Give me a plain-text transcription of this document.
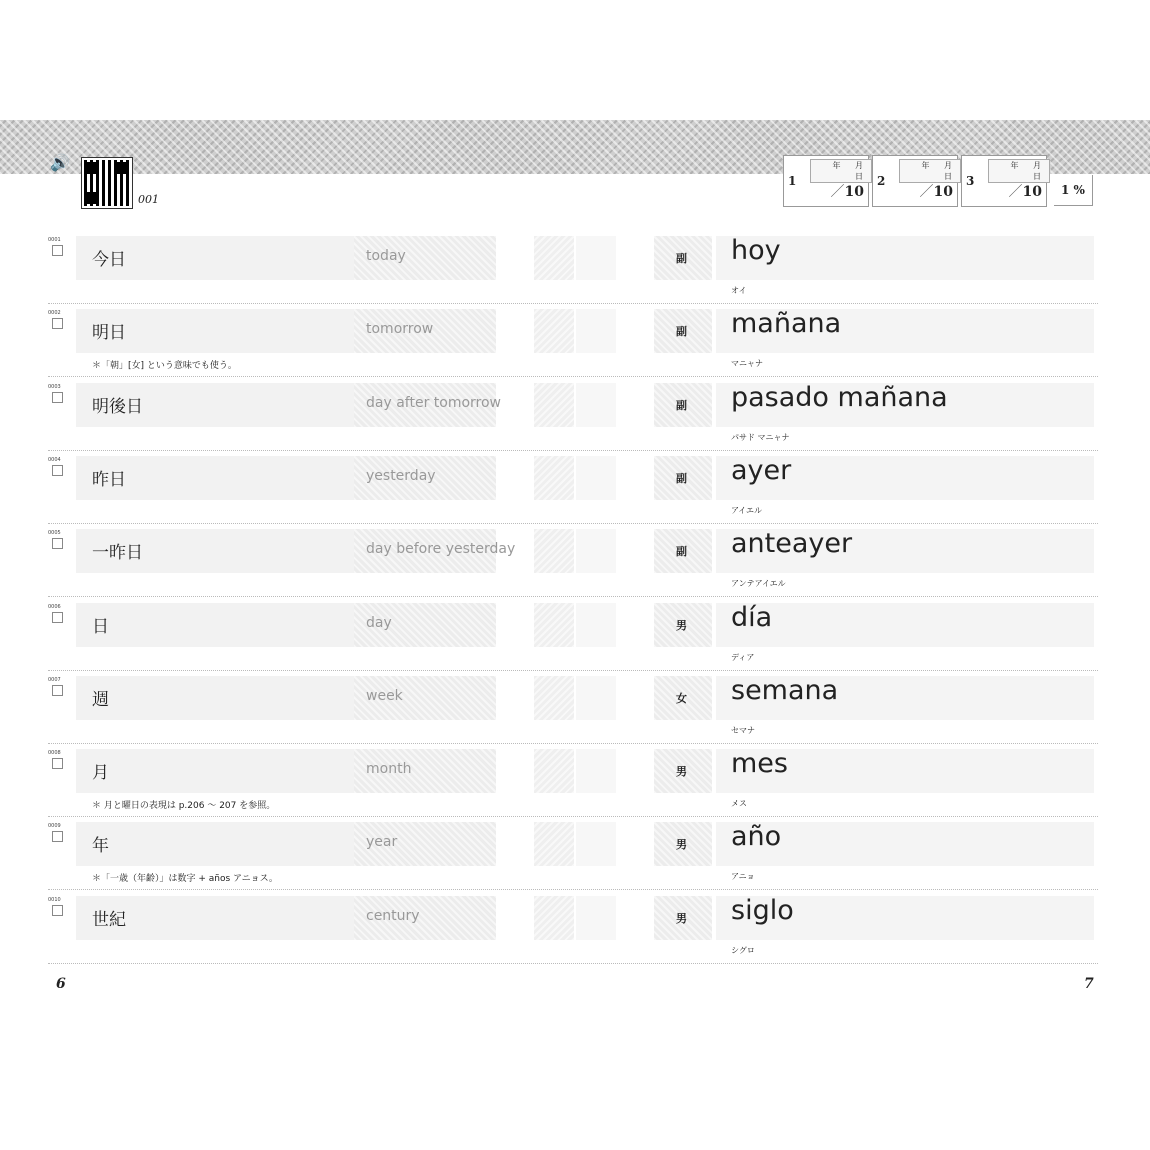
🔊
001
1
年 月 日
／10
2
年 月 日
／10
3
年 月 日
／10	1 %
0001
今日	today	副 hoy
オイ
0002
明日	tomorrow	副 mañana
マニャナ
＊「朝」[女] という意味でも使う。
0003
明後日	day after tomorrow	副 pasado mañana
パサド マニャナ
0004
昨日	yesterday	副 ayer
アイエル
0005
一昨日	day before yesterday	副 anteayer
アンテアイエル
0006
日	day	男 día
ディア
0007
週	week	女 semana
セマナ
0008
月	month	男 mes
メス
＊ 月と曜日の表現は p.206 ～ 207 を参照。
0009
年	year	男 año
アニョ
＊「一歳（年齢）」は数字 + años アニョス。
0010
世紀	century	男 siglo
シグロ
6	7
